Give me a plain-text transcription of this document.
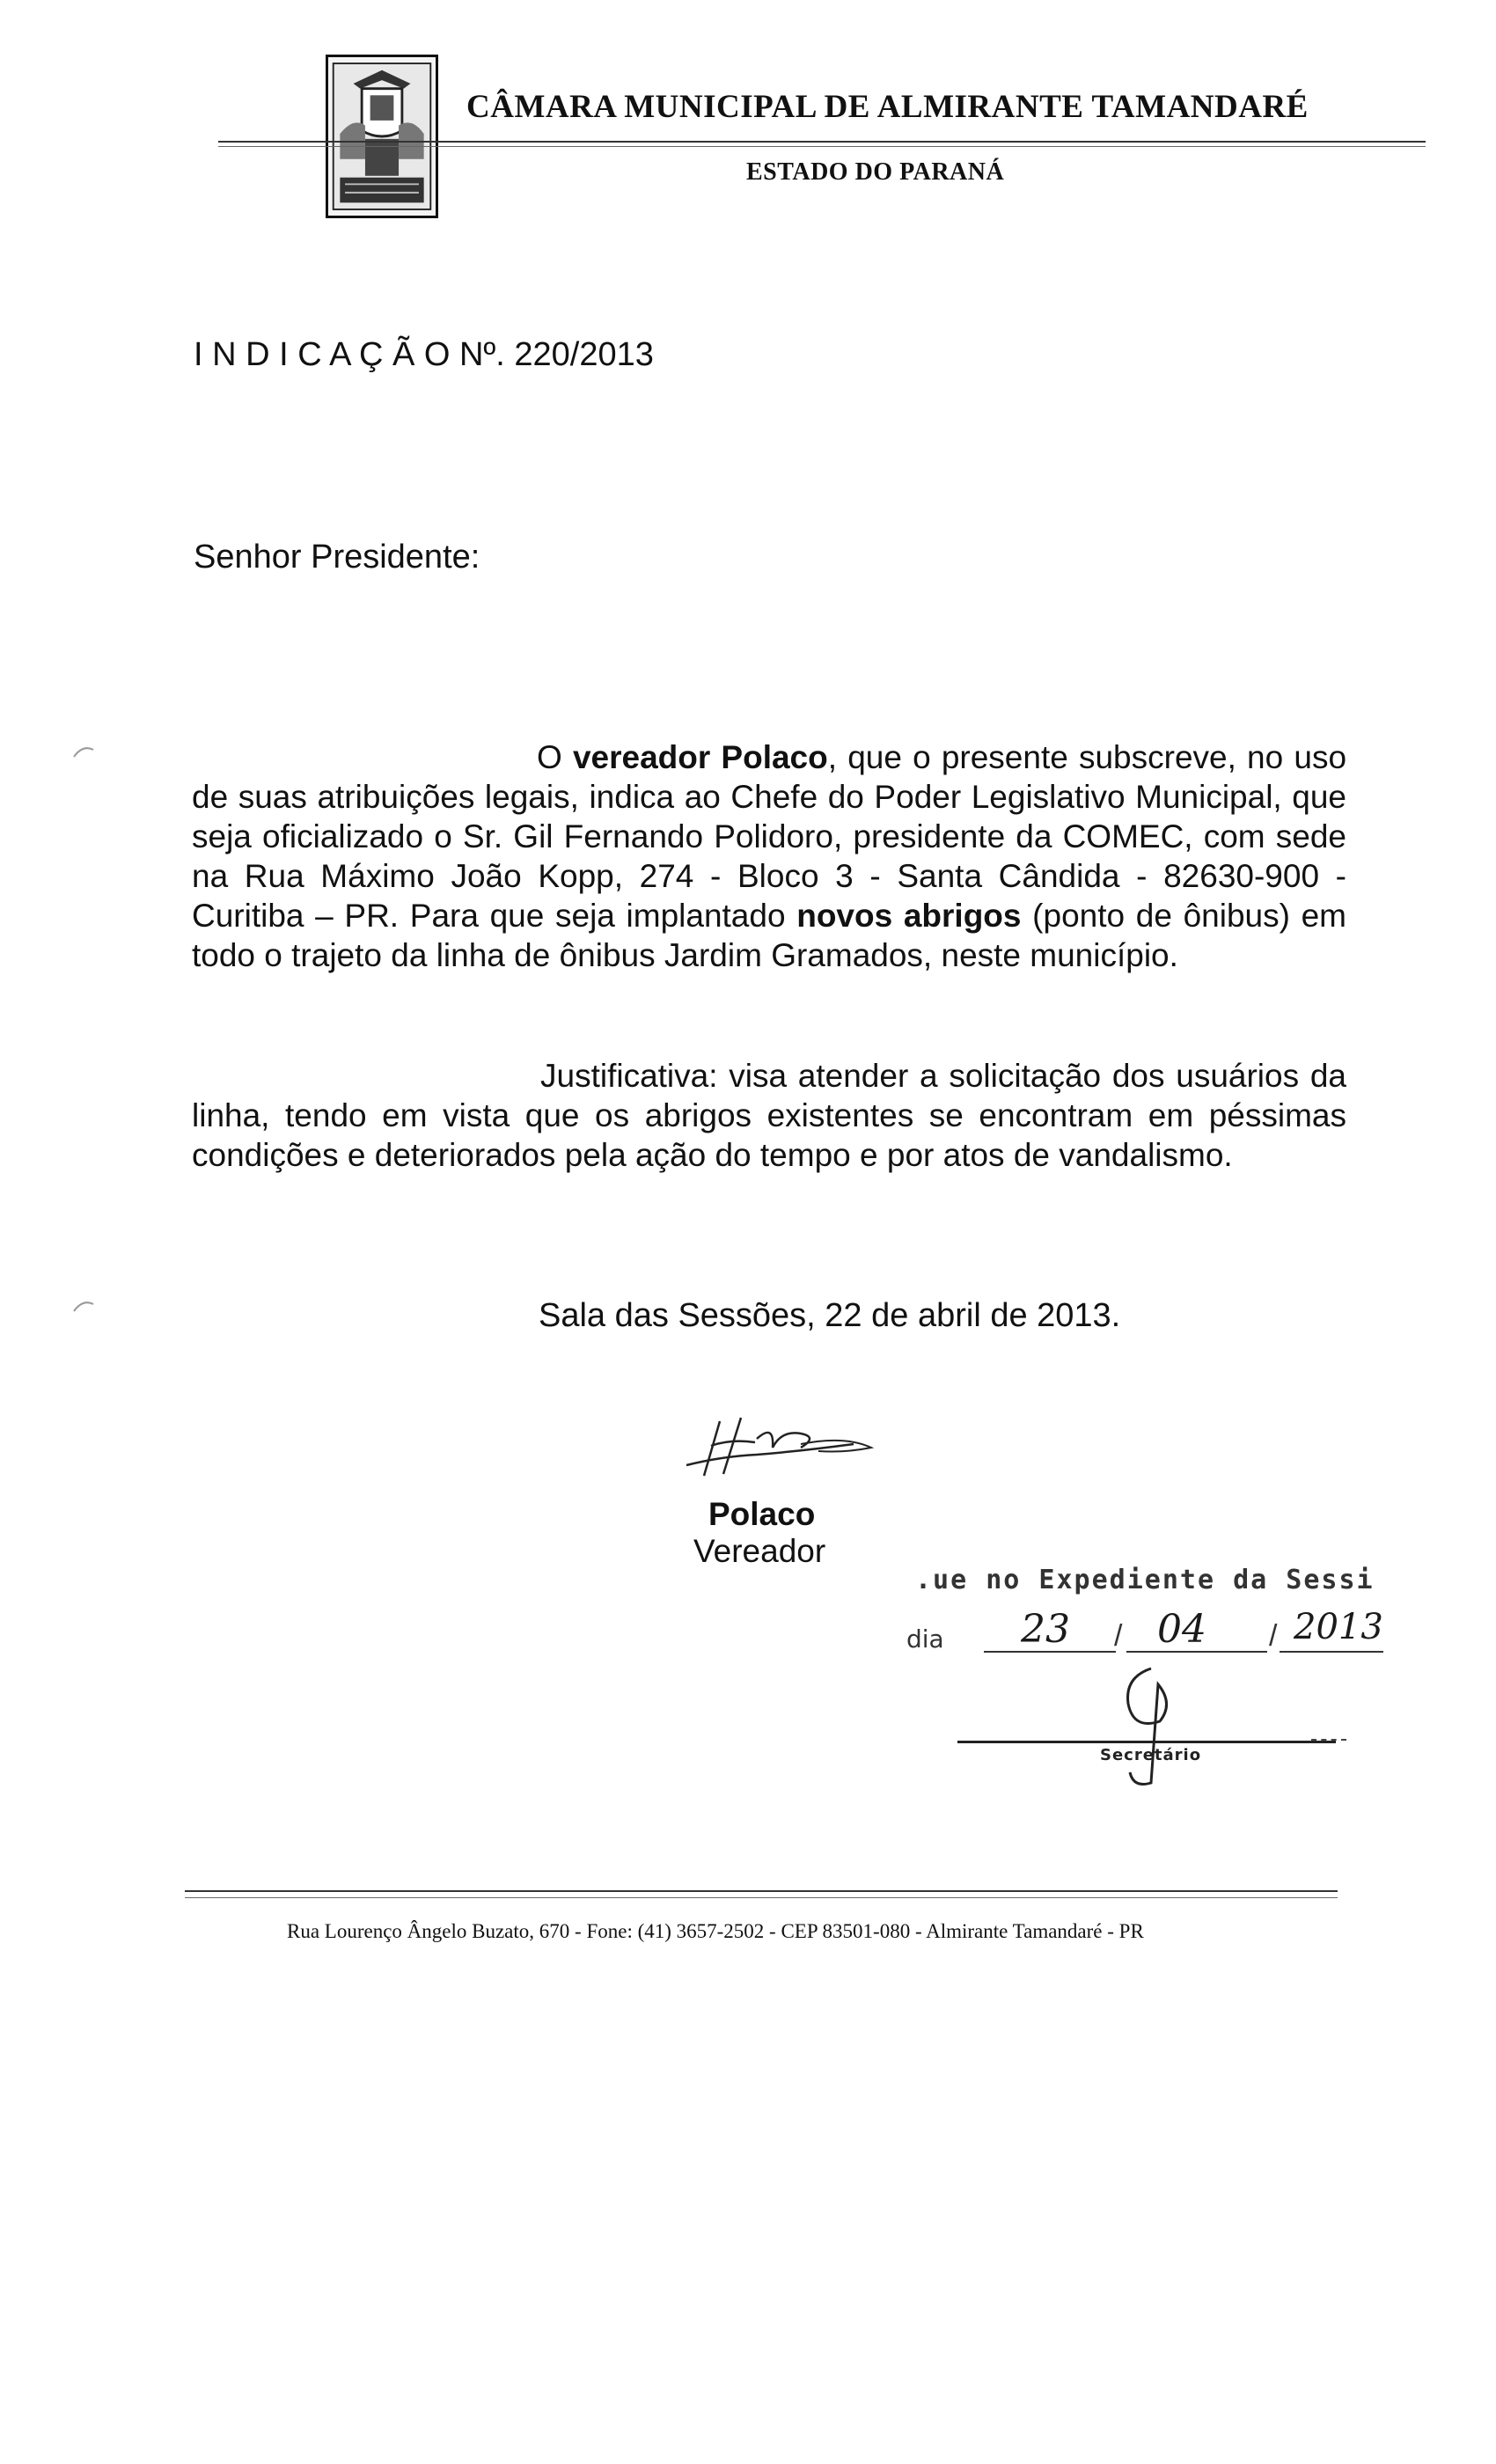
CÂMARA MUNICIPAL DE ALMIRANTE TAMANDARÉ
ESTADO DO PARANÁ
I N D I C A Ç Ã O Nº. 220/2013
Senhor Presidente:

O vereador Polaco, que o presente subscreve, no uso de suas atribuições legais, indica ao Chefe do Poder Legislativo Municipal, que seja oficializado o Sr. Gil Fernando Polidoro, presidente da COMEC, com sede na Rua Máximo João Kopp, 274 - Bloco 3 - Santa Cândida - 82630-900 - Curitiba – PR. Para que seja implantado novos abrigos (ponto de ônibus) em todo o trajeto da linha de ônibus Jardim Gramados, neste município.

Justificativa: visa atender a solicitação dos usuários da linha, tendo em vista que os abrigos existentes se encontram em péssimas condições e deteriorados pela ação do tempo e por atos de vandalismo.

Sala das Sessões, 22 de abril de 2013.
Polaco
Vereador
.ue no Expediente da Sessi
dia 23 / 04 / 2013
Secretário
Rua Lourenço Ângelo Buzato, 670 - Fone: (41) 3657-2502 - CEP 83501-080 - Almirante Tamandaré - PR
